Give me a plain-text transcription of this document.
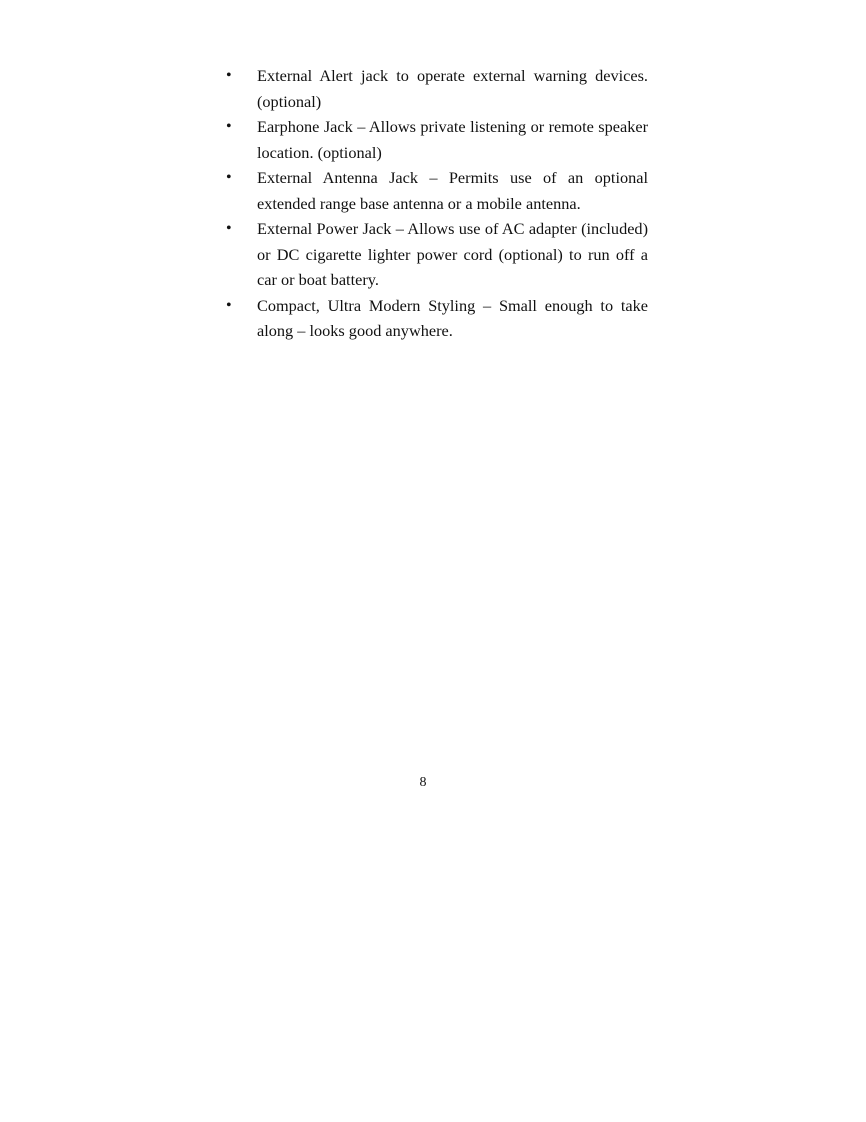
•	External Alert jack to operate external warning devices. (optional)
•	Earphone Jack – Allows private listening or remote speaker location. (optional)
•	External Antenna Jack – Permits use of an optional extended range base antenna or a mobile antenna.
•	External Power Jack – Allows use of AC adapter (included) or DC cigarette lighter power cord (optional) to run off a car or boat battery.
•	Compact, Ultra Modern Styling – Small enough to take along – looks good anywhere.
8
